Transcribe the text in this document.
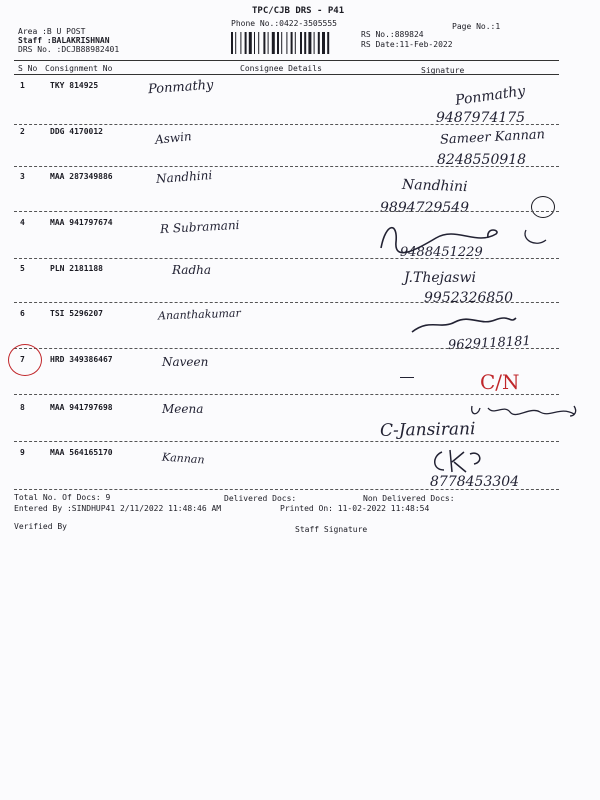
TPC/CJB DRS - P41
Phone No.:0422-3505555	Page No.:1
Area :B U POST
Staff :BALAKRISHNAN
DRS No. :DCJB88982401
RS No.:889824
RS Date:11-Feb-2022
S No Consignment No	Consignee Details	Signature
1	TKY 814925	Ponmathy	Ponmathy
9487974175
2	DDG 4170012	Aswin	Sameer Kannan
8248550918
3	MAA 287349886	Nandhini	Nandhini
9894729549
4	MAA 941797674	R Subramani
9488451229
5	PLN 2181188	Radha	J.Thejaswi
9952326850
6	TSI 5296207	Ananthakumar
9629118181
7	HRD 349386467	Naveen
C/N
8	MAA 941797698	Meena
C-Jansirani
9	MAA 564165170	Kannan
8778453304
Total No. Of Docs: 9	Delivered Docs:	Non Delivered Docs:
Entered By :SINDHUP41 2/11/2022 11:48:46 AM	Printed On: 11-02-2022 11:48:54
Verified By	Staff Signature
